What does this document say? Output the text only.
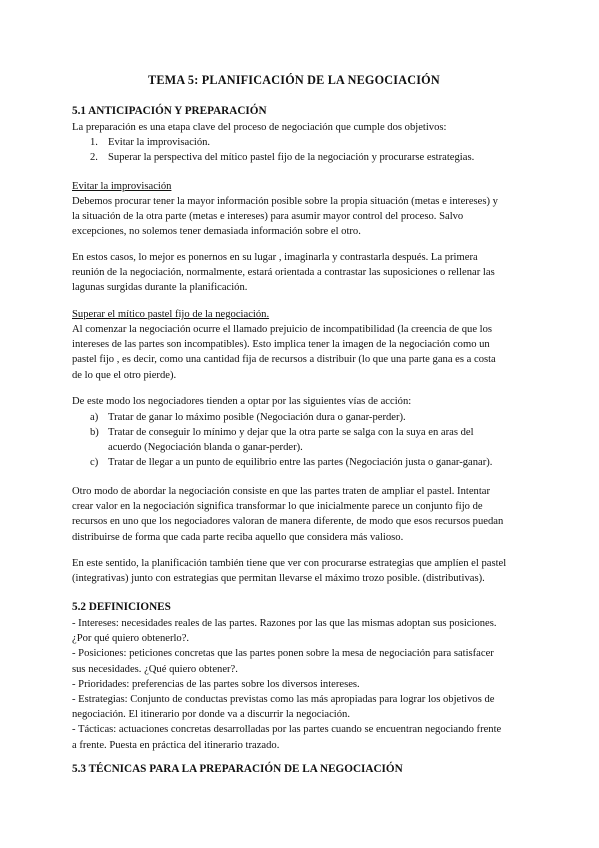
TEMA 5: PLANIFICACIÓN DE LA NEGOCIACIÓN
5.1 ANTICIPACIÓN Y PREPARACIÓN
La preparación es una etapa clave del proceso de negociación que cumple dos objetivos:
1. Evitar la improvisación.
2. Superar la perspectiva del mítico pastel fijo de la negociación y procurarse estrategias.
Evitar la improvisación
Debemos procurar tener la mayor información posible sobre la propia situación (metas e intereses) y
la situación de la otra parte (metas e intereses) para asumir mayor control del proceso. Salvo
excepciones, no solemos tener demasiada información sobre el otro.
En estos casos, lo mejor es ponernos en su lugar , imaginarla y contrastarla después. La primera
reunión de la negociación, normalmente, estará orientada a contrastar las suposiciones o rellenar las
lagunas surgidas durante la planificación.
Superar el mítico pastel fijo de la negociación.
Al comenzar la negociación ocurre el llamado prejuicio de incompatibilidad (la creencia de que los
intereses de las partes son incompatibles). Esto implica tener la imagen de la negociación como un
pastel fijo , es decir, como una cantidad fija de recursos a distribuir (lo que una parte gana es a costa
de lo que el otro pierde).
De este modo los negociadores tienden a optar por las siguientes vías de acción:
a) Tratar de ganar lo máximo posible (Negociación dura o ganar-perder).
b) Tratar de conseguir lo mínimo y dejar que la otra parte se salga con la suya en aras del
acuerdo (Negociación blanda o ganar-perder).
c) Tratar de llegar a un punto de equilibrio entre las partes (Negociación justa o ganar-ganar).
Otro modo de abordar la negociación consiste en que las partes traten de ampliar el pastel. Intentar
crear valor en la negociación significa transformar lo que inicialmente parece un conjunto fijo de
recursos en uno que los negociadores valoran de manera diferente, de modo que esos recursos puedan
distribuirse de forma que cada parte reciba aquello que considera más valioso.
En este sentido, la planificación también tiene que ver con procurarse estrategias que amplíen el pastel
(integrativas) junto con estrategias que permitan llevarse el máximo trozo posible. (distributivas).
5.2 DEFINICIONES
- Intereses: necesidades reales de las partes. Razones por las que las mismas adoptan sus posiciones.
¿Por qué quiero obtenerlo?.
- Posiciones: peticiones concretas que las partes ponen sobre la mesa de negociación para satisfacer
sus necesidades. ¿Qué quiero obtener?.
- Prioridades: preferencias de las partes sobre los diversos intereses.
- Estrategias: Conjunto de conductas previstas como las más apropiadas para lograr los objetivos de
negociación. El itinerario por donde va a discurrir la negociación.
- Tácticas: actuaciones concretas desarrolladas por las partes cuando se encuentran negociando frente
a frente. Puesta en práctica del itinerario trazado.
5.3 TÉCNICAS PARA LA PREPARACIÓN DE LA NEGOCIACIÓN
